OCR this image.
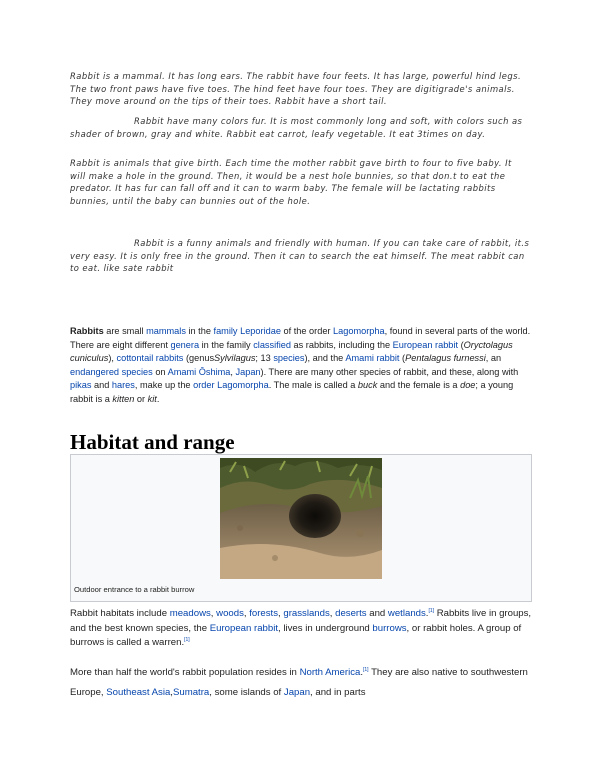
Rabbit is a mammal. It has long ears. The rabbit have four feets. It has large, powerful hind legs. The two front paws have five toes. The hind feet have four toes. They are digitigrade's animals. They move around on the tips of their toes. Rabbit have a short tail.

Rabbit have many colors fur. It is most commonly long and soft, with colors such as shader of brown, gray and white. Rabbit eat carrot, leafy vegetable. It eat 3times on day.

Rabbit is animals that give birth. Each time the mother rabbit gave birth to four to five baby. It will make a hole in the ground. Then, it would be a nest hole bunnies, so that don.t to eat the predator. It has fur can fall off and it can to warm baby. The female will be lactating rabbits bunnies, until the baby can bunnies out of the hole.

Rabbit is a funny animals and friendly with human. If you can take care of rabbit, it.s very easy. It is only free in the ground. Then it can to search the eat himself. The meat rabbit can to eat. like sate rabbit

Rabbits are small mammals in the family Leporidae of the order Lagomorpha, found in several parts of the world. There are eight different genera in the family classified as rabbits, including the European rabbit (Oryctolagus cuniculus), cottontail rabbits (genusSylvilagus; 13 species), and the Amami rabbit (Pentalagus furnessi, an endangered species on Amami Ōshima, Japan). There are many other species of rabbit, and these, along with pikas and hares, make up the order Lagomorpha. The male is called a buck and the female is a doe; a young rabbit is a kitten or kit.

Habitat and range
Outdoor entrance to a rabbit burrow

Rabbit habitats include meadows, woods, forests, grasslands, deserts and wetlands.[1] Rabbits live in groups, and the best known species, the European rabbit, lives in underground burrows, or rabbit holes. A group of burrows is called a warren.[1]

More than half the world's rabbit population resides in North America.[1] They are also native to southwestern Europe, Southeast Asia,Sumatra, some islands of Japan, and in parts
